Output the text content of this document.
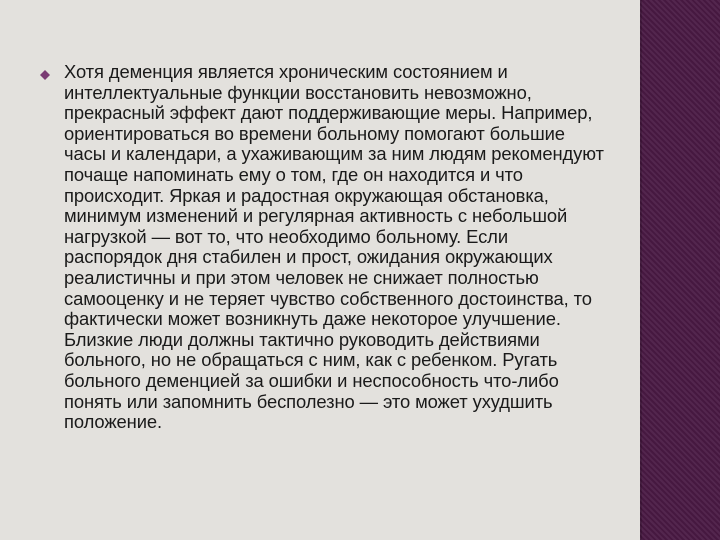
Хотя деменция является хроническим состоянием и интеллектуальные функции восстановить невозможно, прекрасный эффект дают поддерживающие меры. Например, ориентироваться во времени больному помогают большие часы и календари, а ухаживающим за ним людям рекомендуют почаще напоминать ему о том, где он находится и что происходит. Яркая и радостная окружающая обстановка, минимум изменений и регулярная активность с небольшой нагрузкой — вот то, что необходимо больному. Если распорядок дня стабилен и прост, ожидания окружающих реалистичны и при этом человек не снижает полностью самооценку и не теряет чувство собственного достоинства, то фактически может возникнуть даже некоторое улучшение. Близкие люди должны тактично руководить действиями больного, но не обращаться с ним, как с ребенком. Ругать больного деменцией за ошибки и неспособность что-либо понять или запомнить бесполезно — это может ухудшить положение.
